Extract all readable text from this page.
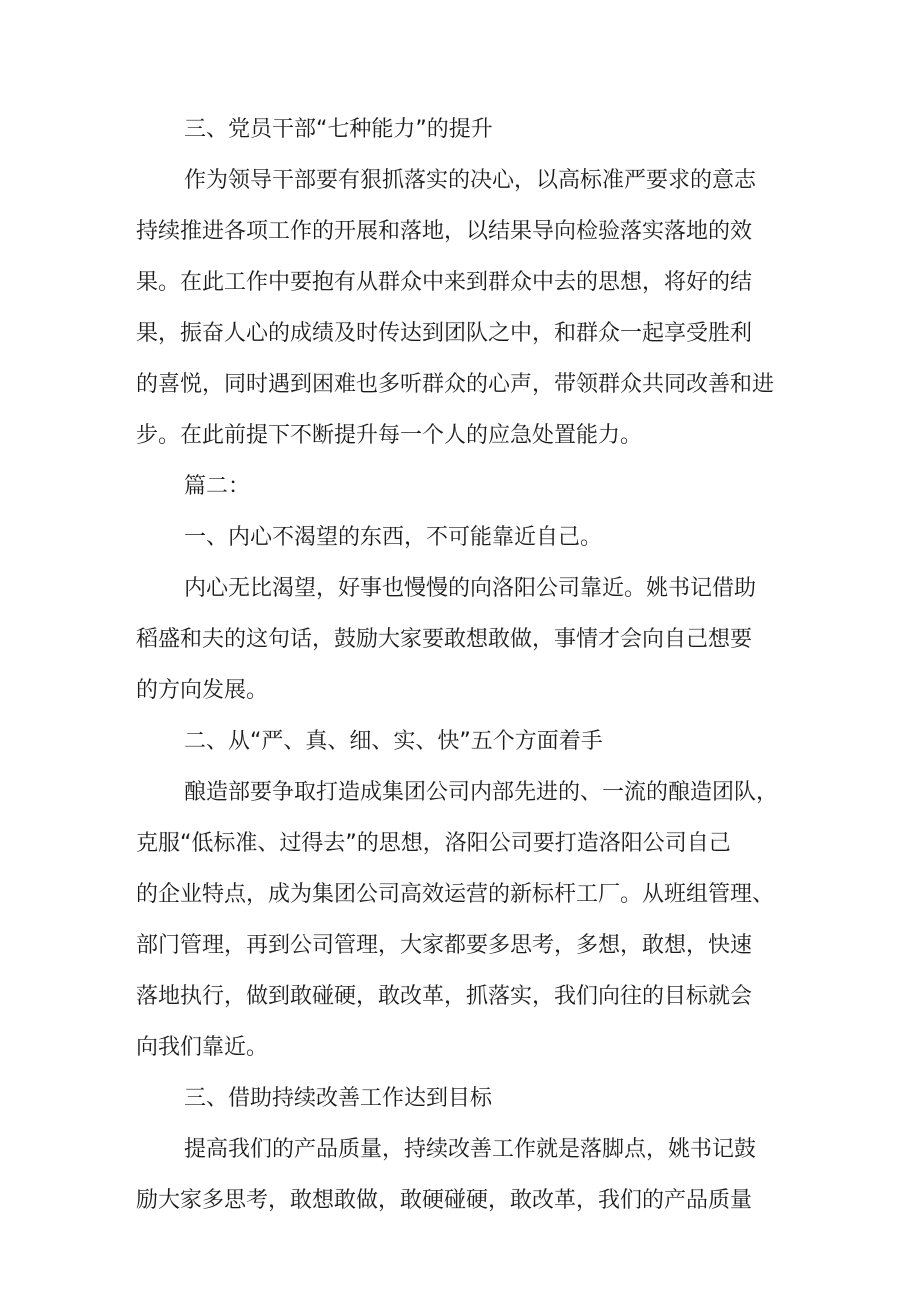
三、党员干部“七种能力”的提升
作为领导干部要有狠抓落实的决心，以高标准严要求的意志
持续推进各项工作的开展和落地，以结果导向检验落实落地的效
果。在此工作中要抱有从群众中来到群众中去的思想，将好的结
果，振奋人心的成绩及时传达到团队之中，和群众一起享受胜利
的喜悦，同时遇到困难也多听群众的心声，带领群众共同改善和进
步。在此前提下不断提升每一个人的应急处置能力。
篇二：
一、内心不渴望的东西，不可能靠近自己。
内心无比渴望，好事也慢慢的向洛阳公司靠近。姚书记借助
稻盛和夫的这句话，鼓励大家要敢想敢做，事情才会向自己想要
的方向发展。
二、从“严、真、细、实、快”五个方面着手
酿造部要争取打造成集团公司内部先进的、一流的酿造团队，
克服“低标准、过得去”的思想，洛阳公司要打造洛阳公司自己
的企业特点，成为集团公司高效运营的新标杆工厂。从班组管理、
部门管理，再到公司管理，大家都要多思考，多想，敢想，快速
落地执行，做到敢碰硬，敢改革，抓落实，我们向往的目标就会
向我们靠近。
三、借助持续改善工作达到目标
提高我们的产品质量，持续改善工作就是落脚点，姚书记鼓
励大家多思考，敢想敢做，敢硬碰硬，敢改革，我们的产品质量
